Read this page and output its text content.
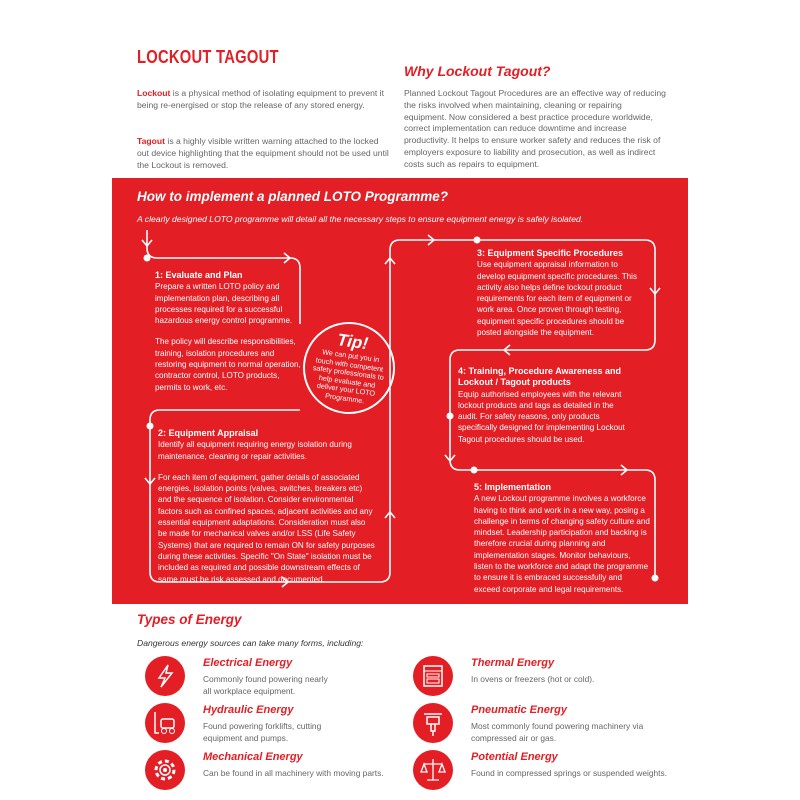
LOCKOUT TAGOUT
Lockout is a physical method of isolating equipment to prevent it being re-energised or stop the release of any stored energy.
Tagout is a highly visible written warning attached to the locked out device highlighting that the equipment should not be used until the Lockout is removed.
Why Lockout Tagout?
Planned Lockout Tagout Procedures are an effective way of reducing the risks involved when maintaining, cleaning or repairing equipment. Now considered a best practice procedure worldwide, correct implementation can reduce downtime and increase productivity. It helps to ensure worker safety and reduces the risk of employers exposure to liability and prosecution, as well as indirect costs such as repairs to equipment.
How to implement a planned LOTO Programme?
A clearly designed LOTO programme will detail all the necessary steps to ensure equipment energy is safely isolated.
1: Evaluate and Plan

Prepare a written LOTO policy and implementation plan, describing all processes required for a successful hazardous energy control programme.

The policy will describe responsibilities, training, isolation procedures and restoring equipment to normal operation, contractor control, LOTO products, permits to work, etc.

2: Equipment Appraisal

Identify all equipment requiring energy isolation during maintenance, cleaning or repair activities.

For each item of equipment, gather details of associated energies, isolation points (valves, switches, breakers etc) and the sequence of isolation. Consider environmental factors such as confined spaces, adjacent activities and any essential equipment adaptations. Consideration must also be made for mechanical valves and/or LSS (Life Safety Systems) that are required to remain ON for safety purposes during these activities. Specific "On State" isolation must be included as required and possible downstream effects of same must be risk assessed and documented.

3: Equipment Specific Procedures

Use equipment appraisal information to develop equipment specific procedures. This activity also helps define lockout product requirements for each item of equipment or work area. Once proven through testing, equipment specific procedures should be posted alongside the equipment.

4: Training, Procedure Awareness and Lockout / Tagout products

Equip authorised employees with the relevant lockout products and tags as detailed in the audit. For safety reasons, only products specifically designed for implementing Lockout Tagout procedures should be used.

5: Implementation

A new Lockout programme involves a workforce having to think and work in a new way, posing a challenge in terms of changing safety culture and mindset. Leadership participation and backing is therefore crucial during planning and implementation stages. Monitor behaviours, listen to the workforce and adapt the programme to ensure it is embraced successfully and exceed corporate and legal requirements.

Tip!
We can put you in touch with competent safety professionals to help evaluate and deliver your LOTO Programme.
Types of Energy
Dangerous energy sources can take many forms, including:
Electrical Energy
Commonly found powering nearly all workplace equipment.
Thermal Energy
In ovens or freezers (hot or cold).
Hydraulic Energy
Found powering forklifts, cutting equipment and pumps.
Pneumatic Energy
Most commonly found powering machinery via compressed air or gas.
Mechanical Energy
Can be found in all machinery with moving parts.
Potential Energy
Found in compressed springs or suspended weights.
